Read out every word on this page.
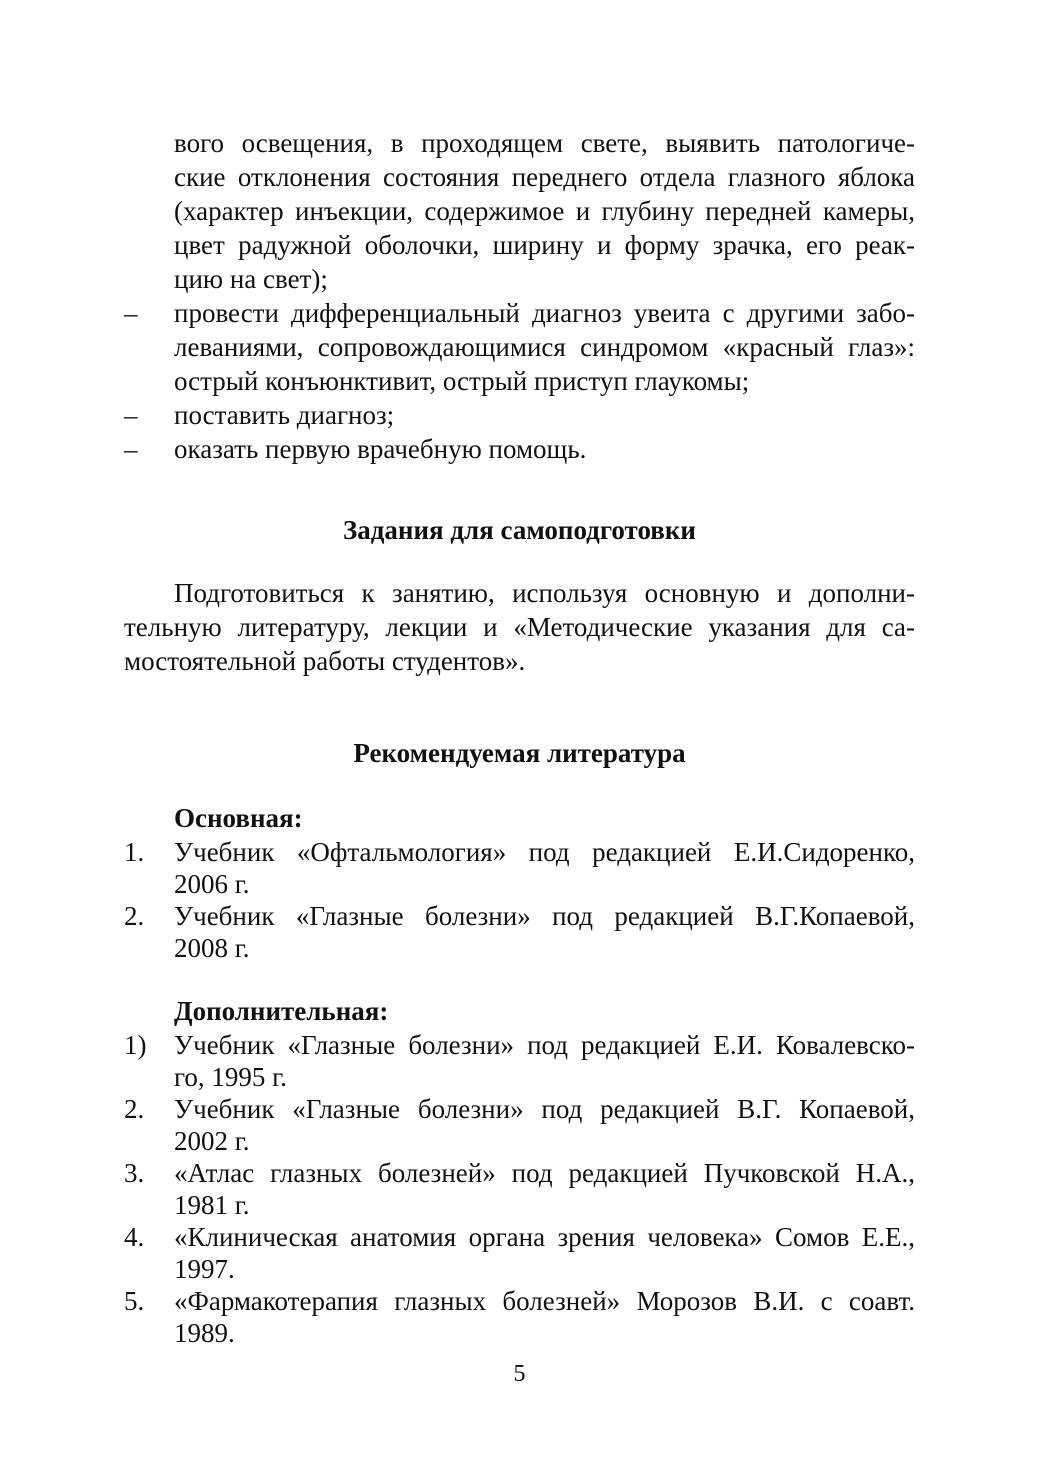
вого освещения, в проходящем свете, выявить патологиче-
ские отклонения состояния переднего отдела глазного яблока
(характер инъекции, содержимое и глубину передней камеры,
цвет радужной оболочки, ширину и форму зрачка, его реак-
цию на свет);
– провести дифференциальный диагноз увеита с другими забо-
леваниями, сопровождающимися синдромом «красный глаз»:
острый конъюнктивит, острый приступ глаукомы;
– поставить диагноз;
– оказать первую врачебную помощь.
Задания для самоподготовки
Подготовиться к занятию, используя основную и дополни-
тельную литературу, лекции и «Методические указания для са-
мостоятельной работы студентов».
Рекомендуемая литература
Основная:
1. Учебник «Офтальмология» под редакцией Е.И.Сидоренко,
2006 г.
2. Учебник «Глазные болезни» под редакцией В.Г.Копаевой,
2008 г.
Дополнительная:
1) Учебник «Глазные болезни» под редакцией Е.И. Ковалевско-
го, 1995 г.
2. Учебник «Глазные болезни» под редакцией В.Г. Копаевой,
2002 г.
3. «Атлас глазных болезней» под редакцией Пучковской Н.А.,
1981 г.
4. «Клиническая анатомия органа зрения человека» Сомов Е.Е.,
1997.
5. «Фармакотерапия глазных болезней» Морозов В.И. с соавт.
1989.
5
